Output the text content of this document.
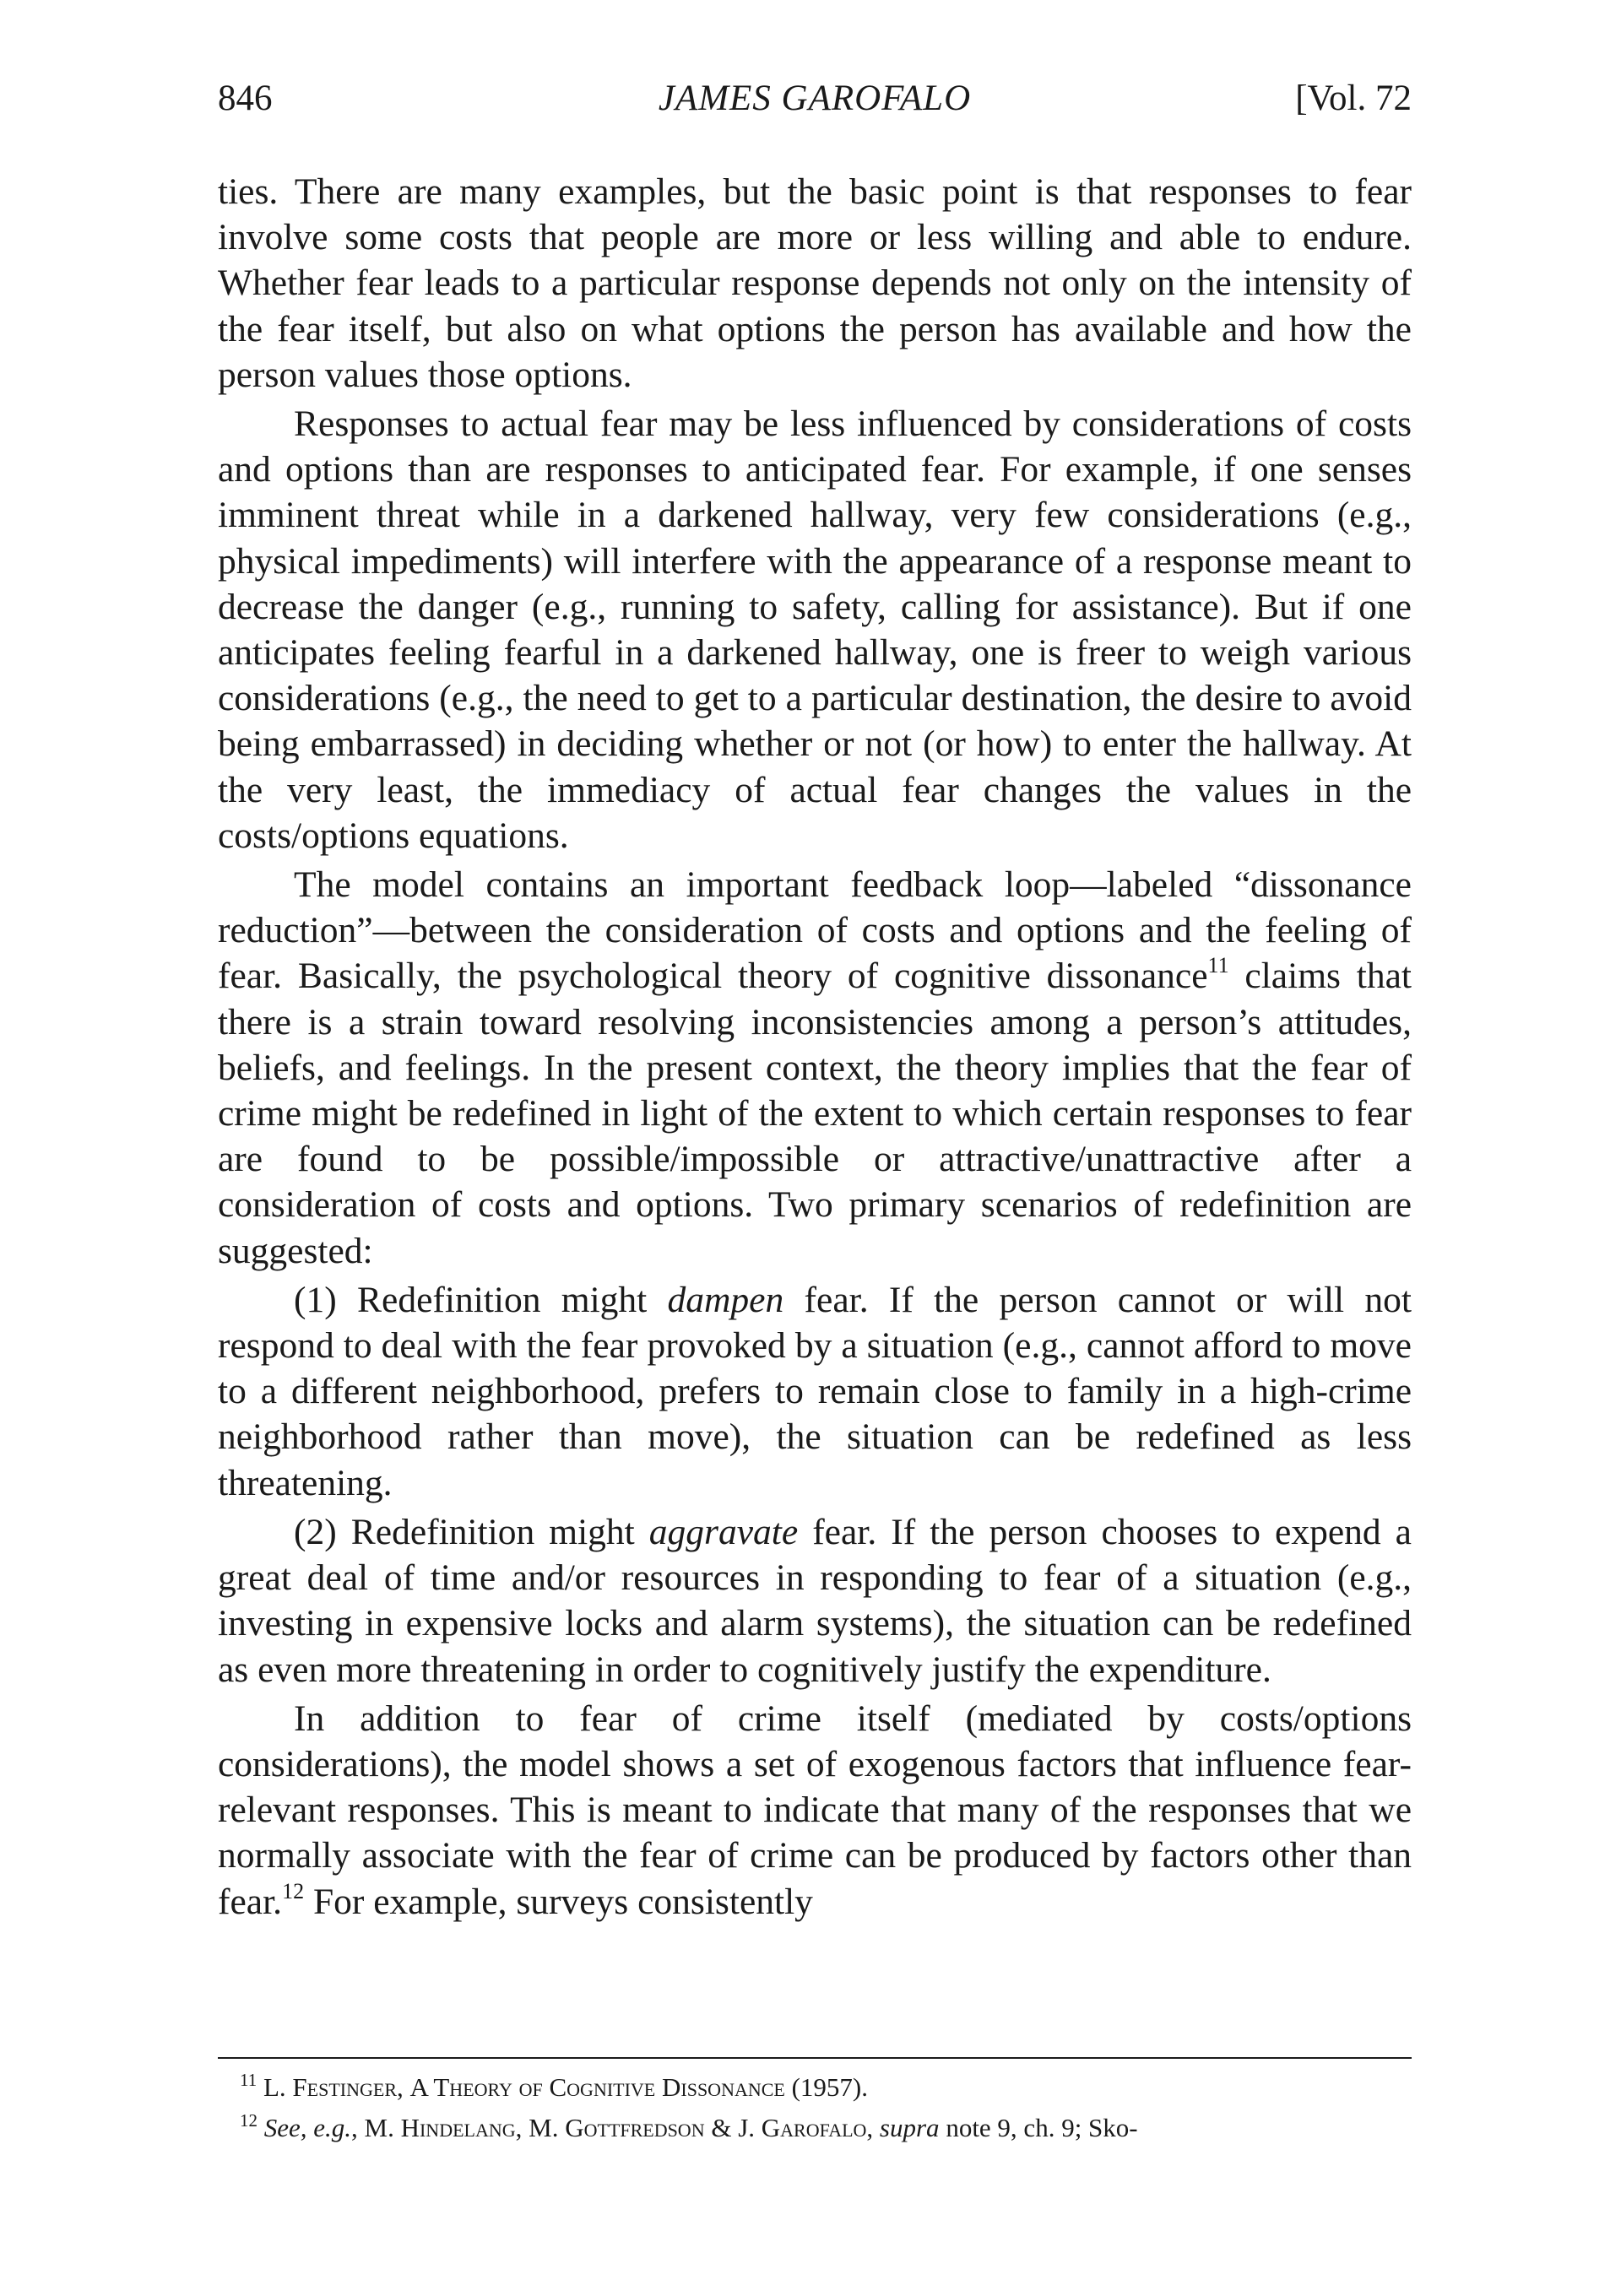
846	JAMES GAROFALO	[Vol. 72

ties. There are many examples, but the basic point is that responses to fear involve some costs that people are more or less willing and able to endure. Whether fear leads to a particular response depends not only on the intensity of the fear itself, but also on what options the person has available and how the person values those options.

Responses to actual fear may be less influenced by considerations of costs and options than are responses to anticipated fear. For example, if one senses imminent threat while in a darkened hallway, very few considerations (e.g., physical impediments) will interfere with the appearance of a response meant to decrease the danger (e.g., running to safety, calling for assistance). But if one anticipates feeling fearful in a darkened hallway, one is freer to weigh various considerations (e.g., the need to get to a particular destination, the desire to avoid being embarrassed) in deciding whether or not (or how) to enter the hallway. At the very least, the immediacy of actual fear changes the values in the costs/options equations.

The model contains an important feedback loop—labeled “dissonance reduction”—between the consideration of costs and options and the feeling of fear. Basically, the psychological theory of cognitive dissonance$^{11}$ claims that there is a strain toward resolving inconsistencies among a person’s attitudes, beliefs, and feelings. In the present context, the theory implies that the fear of crime might be redefined in light of the extent to which certain responses to fear are found to be possible/impossible or attractive/unattractive after a consideration of costs and options. Two primary scenarios of redefinition are suggested:

(1) Redefinition might dampen fear. If the person cannot or will not respond to deal with the fear provoked by a situation (e.g., cannot afford to move to a different neighborhood, prefers to remain close to family in a high-crime neighborhood rather than move), the situation can be redefined as less threatening.

(2) Redefinition might aggravate fear. If the person chooses to expend a great deal of time and/or resources in responding to fear of a situation (e.g., investing in expensive locks and alarm systems), the situation can be redefined as even more threatening in order to cognitively justify the expenditure.

In addition to fear of crime itself (mediated by costs/options considerations), the model shows a set of exogenous factors that influence fear-relevant responses. This is meant to indicate that many of the responses that we normally associate with the fear of crime can be produced by factors other than fear.$^{12}$ For example, surveys consistently

$^{11}$ L. Festinger, A Theory of Cognitive Dissonance (1957).
$^{12}$ See, e.g., M. Hindelang, M. Gottfredson & J. Garofalo, supra note 9, ch. 9; Sko-
